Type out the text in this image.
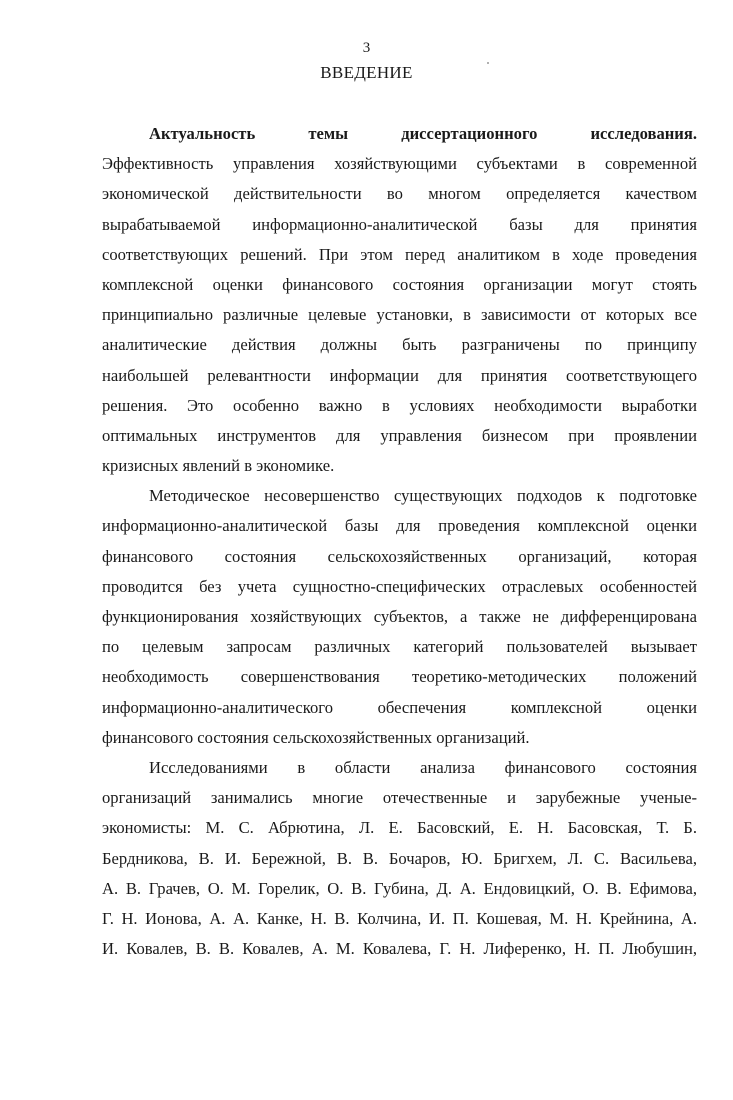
3
ВВЕДЕНИЕ
Актуальность темы диссертационного исследования.
Эффективность управления хозяйствующими субъектами в современной
экономической действительности во многом определяется качеством
вырабатываемой информационно-аналитической базы для принятия
соответствующих решений. При этом перед аналитиком в ходе проведения
комплексной оценки финансового состояния организации могут стоять
принципиально различные целевые установки, в зависимости от которых все
аналитические действия должны быть разграничены по принципу
наибольшей релевантности информации для принятия соответствующего
решения. Это особенно важно в условиях необходимости выработки
оптимальных инструментов для управления бизнесом при проявлении
кризисных явлений в экономике.
Методическое несовершенство существующих подходов к подготовке
информационно-аналитической базы для проведения комплексной оценки
финансового состояния сельскохозяйственных организаций, которая
проводится без учета сущностно-специфических отраслевых особенностей
функционирования хозяйствующих субъектов, а также не дифференцирована
по целевым запросам различных категорий пользователей вызывает
необходимость совершенствования теоретико-методических положений
информационно-аналитического обеспечения комплексной оценки
финансового состояния сельскохозяйственных организаций.
Исследованиями в области анализа финансового состояния
организаций занимались многие отечественные и зарубежные ученые-
экономисты: М. С. Абрютина, Л. Е. Басовский, Е. Н. Басовская, Т. Б.
Бердникова, В. И. Бережной, В. В. Бочаров, Ю. Бригхем, Л. С. Васильева,
А. В. Грачев, О. М. Горелик, О. В. Губина, Д. А. Ендовицкий, О. В. Ефимова,
Г. Н. Ионова, А. А. Канке, Н. В. Колчина, И. П. Кошевая, М. Н. Крейнина, А.
И. Ковалев, В. В. Ковалев, А. М. Ковалева, Г. Н. Лиференко, Н. П. Любушин,
